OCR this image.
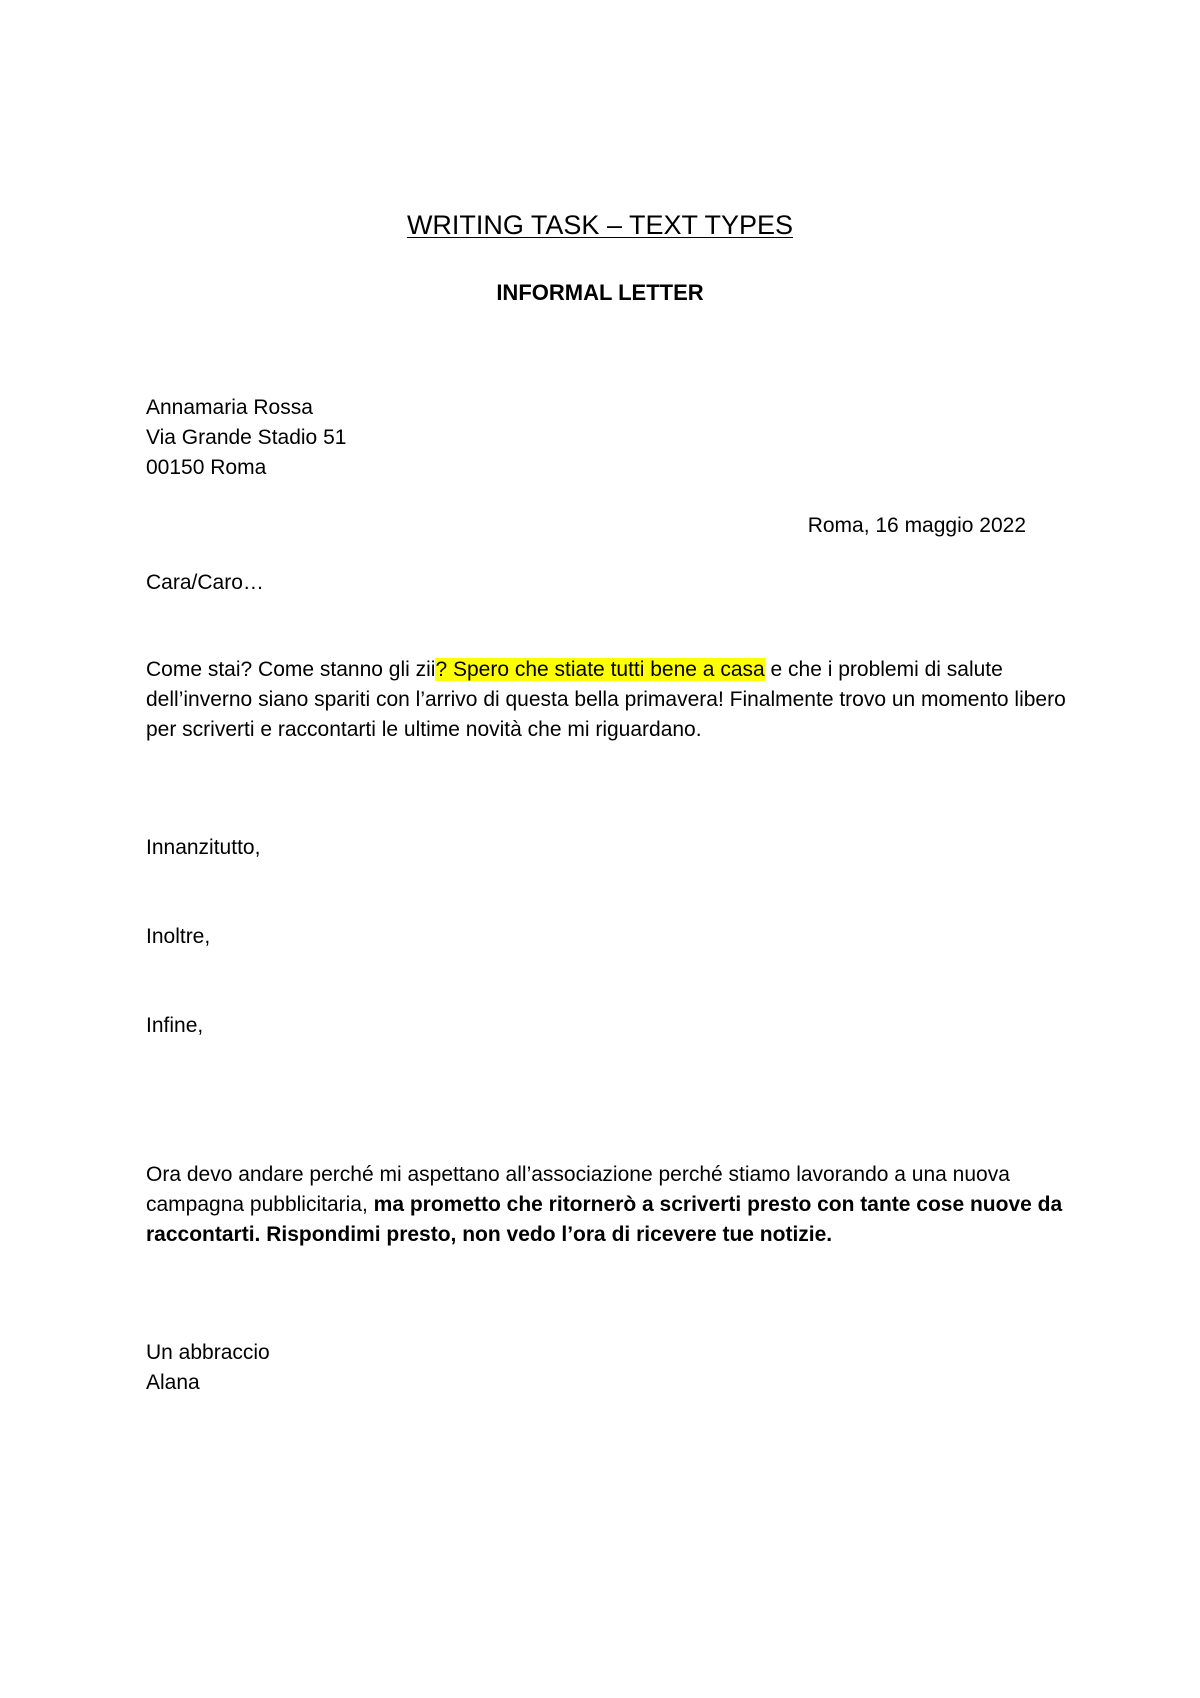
WRITING TASK – TEXT TYPES
INFORMAL LETTER
Annamaria Rossa
Via Grande Stadio 51
00150 Roma
Roma, 16 maggio 2022
Cara/Caro…

Come stai? Come stanno gli zii? Spero che stiate tutti bene a casa e che i problemi di salute dell’inverno siano spariti con l’arrivo di questa bella primavera! Finalmente trovo un momento libero per scriverti e raccontarti le ultime novità che mi riguardano.

Innanzitutto,
Inoltre,
Infine,

Ora devo andare perché mi aspettano all’associazione perché stiamo lavorando a una nuova campagna pubblicitaria, ma prometto che ritornerò a scriverti presto con tante cose nuove da raccontarti. Rispondimi presto, non vedo l’ora di ricevere tue notizie.

Un abbraccio
Alana
